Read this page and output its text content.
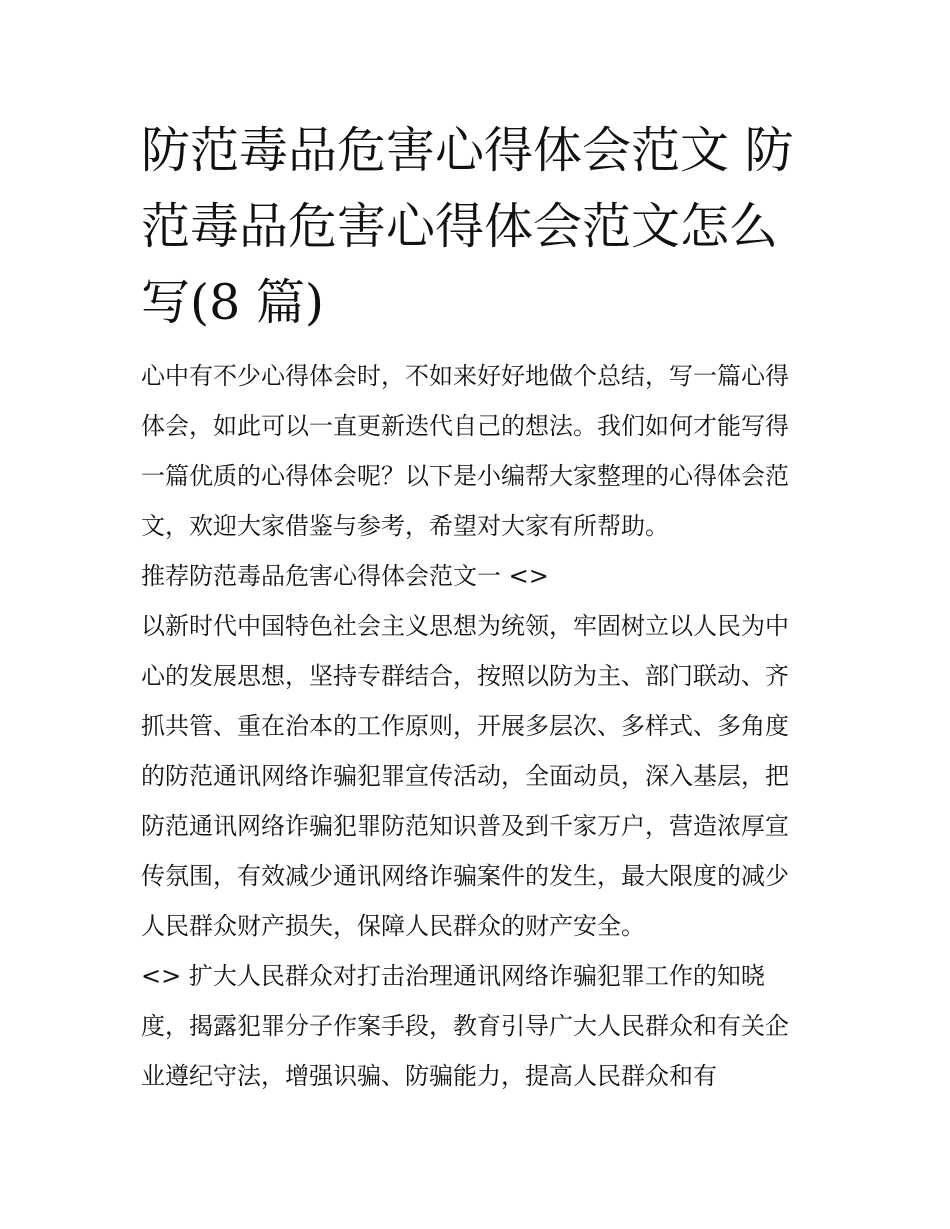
防范毒品危害心得体会范文 防
范毒品危害心得体会范文怎么
写(8 篇)

心中有不少心得体会时，不如来好好地做个总结，写一篇心得
体会，如此可以一直更新迭代自己的想法。我们如何才能写得
一篇优质的心得体会呢？以下是小编帮大家整理的心得体会范
文，欢迎大家借鉴与参考，希望对大家有所帮助。

推荐防范毒品危害心得体会范文一 <>

以新时代中国特色社会主义思想为统领，牢固树立以人民为中
心的发展思想，坚持专群结合，按照以防为主、部门联动、齐
抓共管、重在治本的工作原则，开展多层次、多样式、多角度
的防范通讯网络诈骗犯罪宣传活动，全面动员，深入基层，把
防范通讯网络诈骗犯罪防范知识普及到千家万户，营造浓厚宣
传氛围，有效减少通讯网络诈骗案件的发生，最大限度的减少
人民群众财产损失，保障人民群众的财产安全。

<> 扩大人民群众对打击治理通讯网络诈骗犯罪工作的知晓
度，揭露犯罪分子作案手段，教育引导广大人民群众和有关企
业遵纪守法，增强识骗、防骗能力，提高人民群众和有
